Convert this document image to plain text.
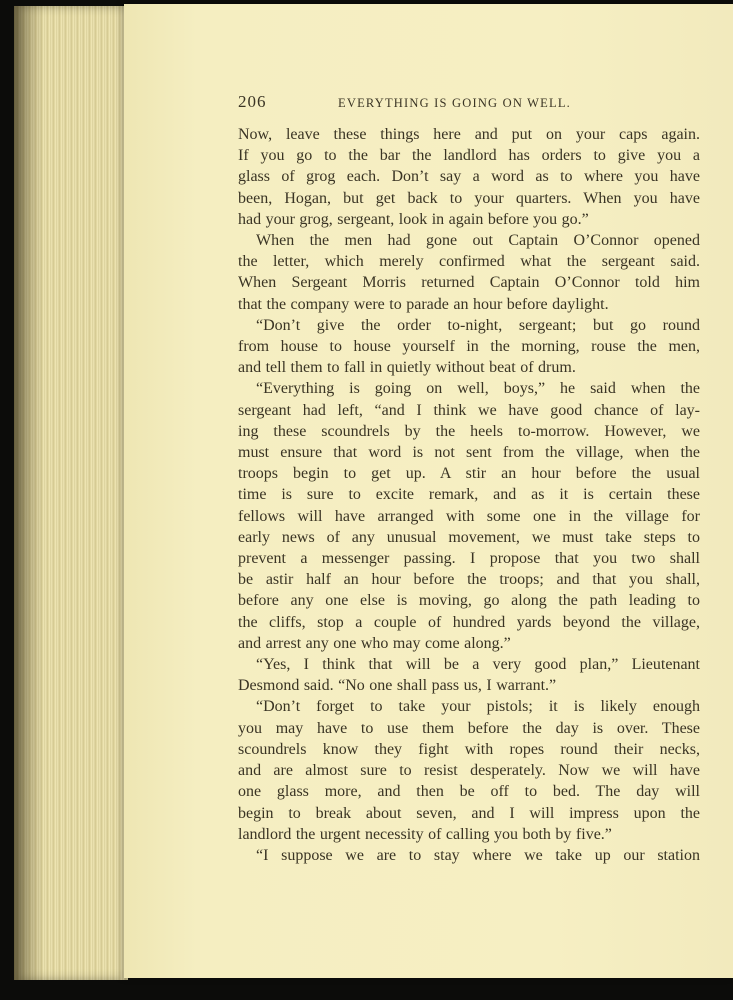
206	EVERYTHING IS GOING ON WELL.
Now, leave these things here and put on your caps again.
If you go to the bar the landlord has orders to give you a
glass of grog each. Don’t say a word as to where you have
been, Hogan, but get back to your quarters. When you have
had your grog, sergeant, look in again before you go.”
When the men had gone out Captain O’Connor opened
the letter, which merely confirmed what the sergeant said.
When Sergeant Morris returned Captain O’Connor told him
that the company were to parade an hour before daylight.
“Don’t give the order to-night, sergeant; but go round
from house to house yourself in the morning, rouse the men,
and tell them to fall in quietly without beat of drum.
“Everything is going on well, boys,” he said when the
sergeant had left, “and I think we have good chance of lay-
ing these scoundrels by the heels to-morrow. However, we
must ensure that word is not sent from the village, when the
troops begin to get up. A stir an hour before the usual
time is sure to excite remark, and as it is certain these
fellows will have arranged with some one in the village for
early news of any unusual movement, we must take steps to
prevent a messenger passing. I propose that you two shall
be astir half an hour before the troops; and that you shall,
before any one else is moving, go along the path leading to
the cliffs, stop a couple of hundred yards beyond the village,
and arrest any one who may come along.”
“Yes, I think that will be a very good plan,” Lieutenant
Desmond said. “No one shall pass us, I warrant.”
“Don’t forget to take your pistols; it is likely enough
you may have to use them before the day is over. These
scoundrels know they fight with ropes round their necks,
and are almost sure to resist desperately. Now we will have
one glass more, and then be off to bed. The day will
begin to break about seven, and I will impress upon the
landlord the urgent necessity of calling you both by five.”
“I suppose we are to stay where we take up our station
